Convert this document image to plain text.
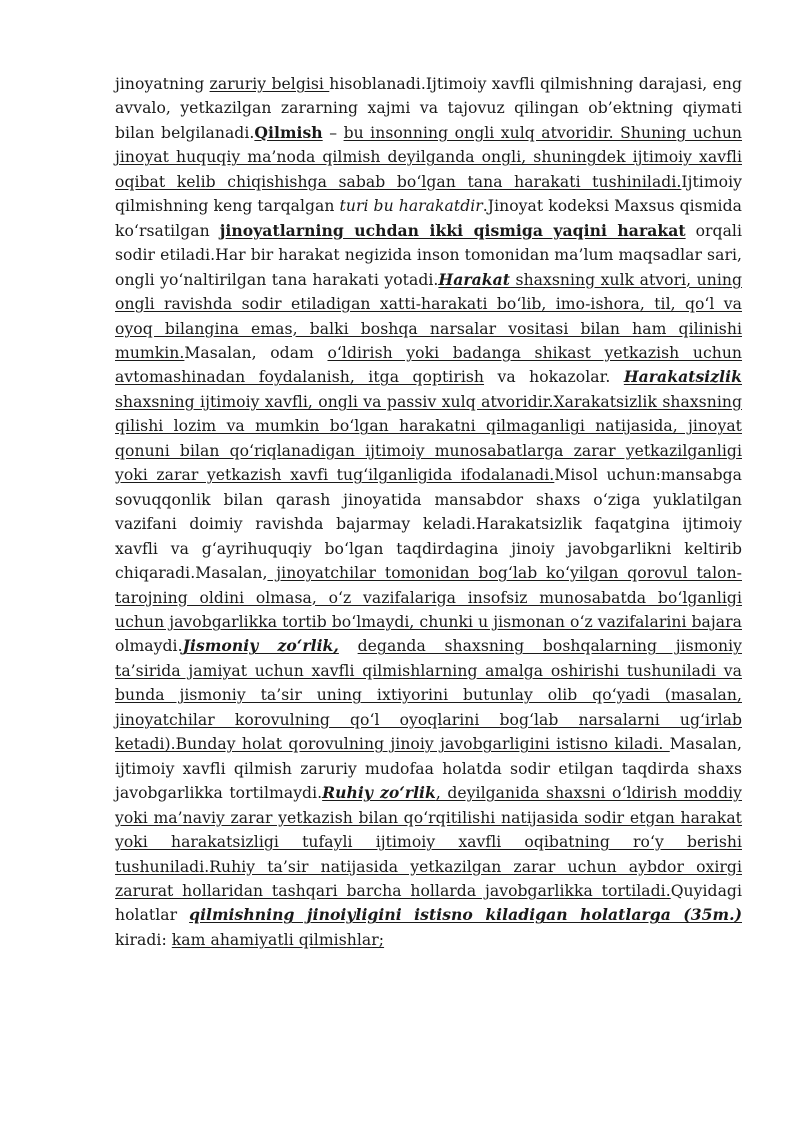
jinoyatning zaruriy belgisi hisoblanadi.Ijtimoiy xavfli qilmishning darajasi, eng avvalo, yetkazilgan zararning xajmi va tajovuz qilingan ob’ektning qiymati bilan belgilanadi.Qilmish – bu insonning ongli xulq atvoridir. Shuning uchun jinoyat huquqiy ma’noda qilmish deyilganda ongli, shuningdek ijtimoiy xavfli oqibat kelib chiqishishga sabab bo‘lgan tana harakati tushiniladi.Ijtimoiy qilmishning keng tarqalgan turi bu harakatdir.Jinoyat kodeksi Maxsus qismida ko‘rsatilgan jinoyatlarning uchdan ikki qismiga yaqini harakat orqali sodir etiladi.Har bir harakat negizida inson tomonidan ma’lum maqsadlar sari, ongli yo‘naltirilgan tana harakati yotadi.Harakat shaxsning xulk atvori, uning ongli ravishda sodir etiladigan xatti-harakati bo‘lib, imo-ishora, til, qo‘l va oyoq bilangina emas, balki boshqa narsalar vositasi bilan ham qilinishi mumkin.Masalan, odam o‘ldirish yoki badanga shikast yetkazish uchun avtomashinadan foydalanish, itga qoptirish va hokazolar. Harakatsizlik shaxsning ijtimoiy xavfli, ongli va passiv xulq atvoridir.Xarakatsizlik shaxsning qilishi lozim va mumkin bo‘lgan harakatni qilmaganligi natijasida, jinoyat qonuni bilan qo‘riqlanadigan ijtimoiy munosabatlarga zarar yetkazilganligi yoki zarar yetkazish xavfi tug‘ilganligida ifodalanadi.Misol uchun:mansabga sovuqqonlik bilan qarash jinoyatida mansabdor shaxs o‘ziga yuklatilgan vazifani doimiy ravishda bajarmay keladi.Harakatsizlik faqatgina ijtimoiy xavfli va g‘ayrihuquqiy bo‘lgan taqdirdagina jinoiy javobgarlikni keltirib chiqaradi.Masalan, jinoyatchilar tomonidan bog‘lab ko‘yilgan qorovul talon-tarojning oldini olmasa, o‘z vazifalariga insofsiz munosabatda bo‘lganligi uchun javobgarlikka tortib bo‘lmaydi, chunki u jismonan o‘z vazifalarini bajara olmaydi.Jismoniy zo‘rlik, deganda shaxsning boshqalarning jismoniy ta’sirida jamiyat uchun xavfli qilmishlarning amalga oshirishi tushuniladi va bunda jismoniy ta’sir uning ixtiyorini butunlay olib qo‘yadi (masalan, jinoyatchilar korovulning qo‘l oyoqlarini bog‘lab narsalarni ug‘irlab ketadi).Bunday holat qorovulning jinoiy javobgarligini istisno kiladi. Masalan, ijtimoiy xavfli qilmish zaruriy mudofaa holatda sodir etilgan taqdirda shaxs javobgarlikka tortilmaydi.Ruhiy zo‘rlik, deyilganida shaxsni o‘ldirish moddiy yoki ma’naviy zarar yetkazish bilan qo‘rqitilishi natijasida sodir etgan harakat yoki harakatsizligi tufayli ijtimoiy xavfli oqibatning ro‘y berishi tushuniladi.Ruhiy ta’sir natijasida yetkazilgan zarar uchun aybdor oxirgi zarurat hollaridan tashqari barcha hollarda javobgarlikka tortiladi.Quyidagi holatlar qilmishning jinoiyligini istisno kiladigan holatlarga (35m.) kiradi: kam ahamiyatli qilmishlar;
